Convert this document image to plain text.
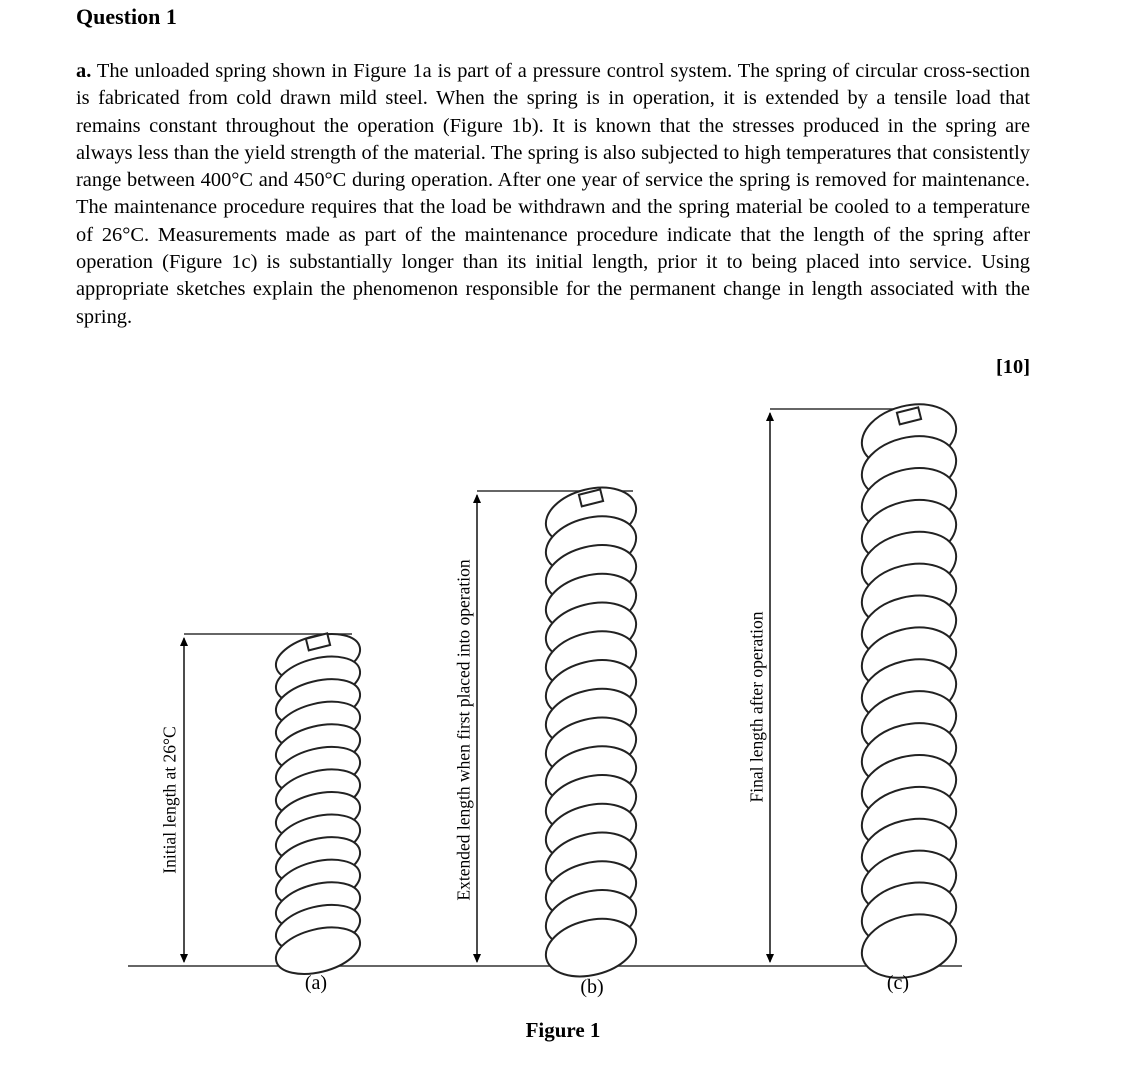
Question 1

a. The unloaded spring shown in Figure 1a is part of a pressure control system. The spring of circular cross-section is fabricated from cold drawn mild steel. When the spring is in operation, it is extended by a tensile load that remains constant throughout the operation (Figure 1b). It is known that the stresses produced in the spring are always less than the yield strength of the material. The spring is also subjected to high temperatures that consistently range between 400°C and 450°C during operation. After one year of service the spring is removed for maintenance. The maintenance procedure requires that the load be withdrawn and the spring material be cooled to a temperature of 26°C. Measurements made as part of the maintenance procedure indicate that the length of the spring after operation (Figure 1c) is substantially longer than its initial length, prior it to being placed into service. Using appropriate sketches explain the phenomenon responsible for the permanent change in length associated with the spring.

[10]
Initial length at 26°C	Extended length when first placed into operation	Final length after operation
(a)	(b)	(c)
Figure 1
